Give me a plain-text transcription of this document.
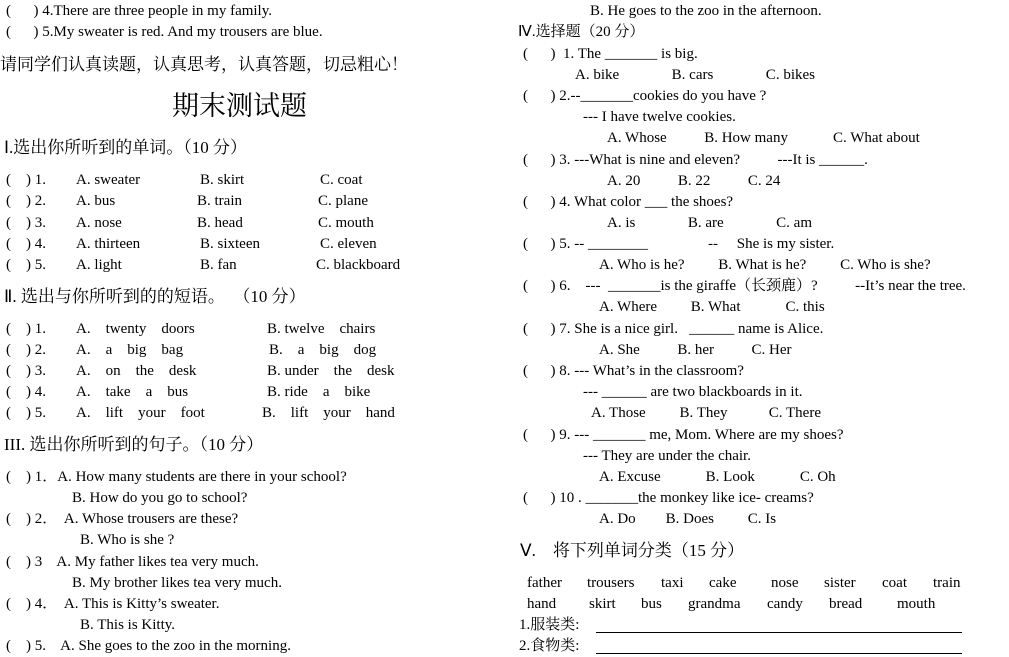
(      ) 4.There are three people in my family.
(      ) 5.My sweater is red. And my trousers are blue.
请同学们认真读题，认真思考，认真答题，切忌粗心！
期末测试题
Ⅰ.选出你所听到的单词。（10 分）
(    ) 1. A. sweater	B. skirt	C. coat
(    ) 2. A. bus	B. train	C. plane
(    ) 3. A. nose	B. head	C. mouth
(    ) 4. A. thirteen	B. sixteen	C. eleven
(    ) 5. A. light	B. fan	C. blackboard
Ⅱ. 选出与你所听到的的短语。  （10 分）
(    ) 1. A.    twenty    doors	B. twelve    chairs
(    ) 2. A.    a    big    bag	B.    a    big    dog
(    ) 3. A.    on    the    desk	B. under    the    desk
(    ) 4. A.    take    a    bus	B. ride    a    bike
(    ) 5. A.    lift    your    foot	B.    lift    your    hand
III. 选出你所听到的句子。（10 分）
(    ) 1．A. How many students are there in your school?
B. How do you go to school?
(    ) 2．  A. Whose trousers are these?
B. Who is she ?
(    ) 3    A. My father likes tea very much.
B. My brother likes tea very much.
(    ) 4．  A. This is Kitty’s sweater.
B. This is Kitty.
(    ) 5.    A. She goes to the zoo in the morning.
B. He goes to the zoo in the afternoon.
Ⅳ.选择题（20 分）
(      )  1. The _______ is big.
A. bike              B. cars              C. bikes
(      ) 2.--_______cookies do you have ?
--- I have twelve cookies.
A. Whose          B. How many            C. What about
(      ) 3. ---What is nine and eleven?          ---It is ______.
A. 20          B. 22          C. 24
(      ) 4. What color ___ the shoes?
A. is              B. are              C. am
(      ) 5. -- ________                --     She is my sister.
A. Who is he?         B. What is he?         C. Who is she?
(      ) 6.    ---  _______is the giraffe（长颈鹿）?          --It’s near the tree.
A. Where         B. What            C. this
(      ) 7. She is a nice girl.   ______ name is Alice.
A. She          B. her          C. Her
(      ) 8. --- What’s in the classroom?
--- ______ are two blackboards in it.
A. Those         B. They           C. There
(      ) 9. --- _______ me, Mom. Where are my shoes?
--- They are under the chair.
A. Excuse            B. Look            C. Oh
(      ) 10 . _______the monkey like ice- creams?
A. Do        B. Does         C. Is
Ⅴ.    将下列单词分类（15 分）
father trousers taxi cake nose sister coat train
hand skirt bus grandma candy bread mouth
1.服装类:
2.食物类:
